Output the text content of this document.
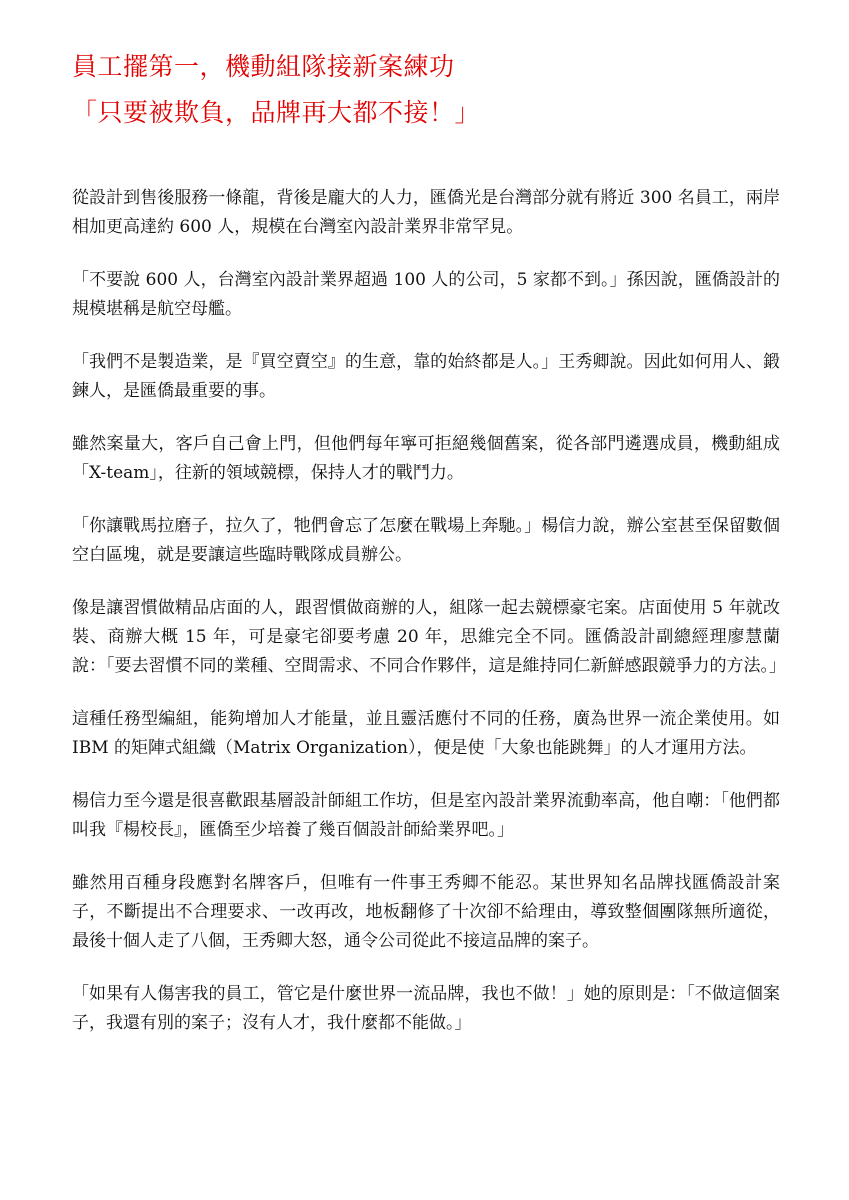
員工擺第一，機動組隊接新案練功
「只要被欺負，品牌再大都不接！」

從設計到售後服務一條龍，背後是龐大的人力，匯僑光是台灣部分就有將近 300 名員工，兩岸相加更高達約 600 人，規模在台灣室內設計業界非常罕見。

「不要說 600 人，台灣室內設計業界超過 100 人的公司，5 家都不到。」孫因說，匯僑設計的規模堪稱是航空母艦。

「我們不是製造業，是『買空賣空』的生意，靠的始終都是人。」王秀卿說。因此如何用人、鍛鍊人，是匯僑最重要的事。

雖然案量大，客戶自己會上門，但他們每年寧可拒絕幾個舊案，從各部門遴選成員，機動組成「X-team」，往新的領域競標，保持人才的戰鬥力。

「你讓戰馬拉磨子，拉久了，牠們會忘了怎麼在戰場上奔馳。」楊信力說，辦公室甚至保留數個空白區塊，就是要讓這些臨時戰隊成員辦公。

像是讓習慣做精品店面的人，跟習慣做商辦的人，組隊一起去競標豪宅案。店面使用 5 年就改裝、商辦大概 15 年，可是豪宅卻要考慮 20 年，思維完全不同。匯僑設計副總經理廖慧蘭說：「要去習慣不同的業種、空間需求、不同合作夥伴，這是維持同仁新鮮感跟競爭力的方法。」

這種任務型編組，能夠增加人才能量，並且靈活應付不同的任務，廣為世界一流企業使用。如 IBM 的矩陣式組織（Matrix Organization），便是使「大象也能跳舞」的人才運用方法。

楊信力至今還是很喜歡跟基層設計師組工作坊，但是室內設計業界流動率高，他自嘲：「他們都叫我『楊校長』，匯僑至少培養了幾百個設計師給業界吧。」

雖然用百種身段應對名牌客戶，但唯有一件事王秀卿不能忍。某世界知名品牌找匯僑設計案子，不斷提出不合理要求、一改再改，地板翻修了十次卻不給理由，導致整個團隊無所適從，最後十個人走了八個，王秀卿大怒，通令公司從此不接這品牌的案子。

「如果有人傷害我的員工，管它是什麼世界一流品牌，我也不做！」她的原則是：「不做這個案子，我還有別的案子；沒有人才，我什麼都不能做。」
